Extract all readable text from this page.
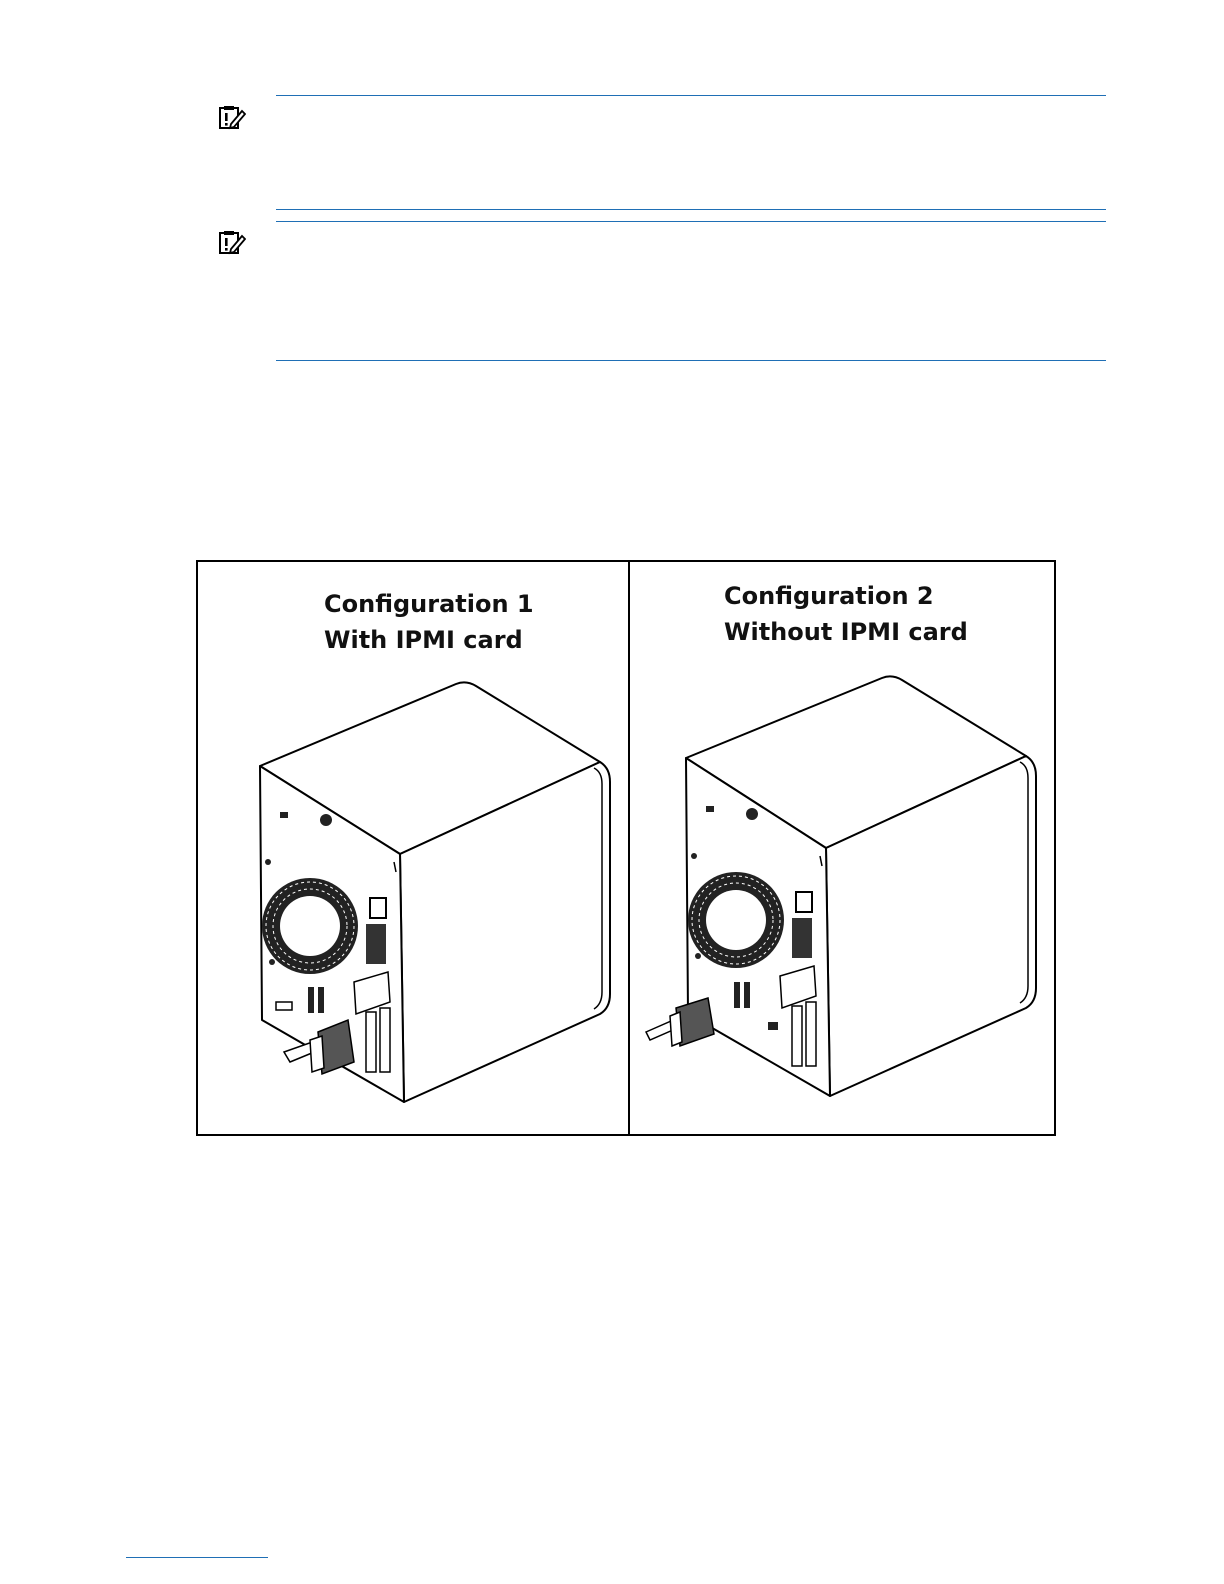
Configuration 1
With IPMI card
Configuration 2
Without IPMI card
